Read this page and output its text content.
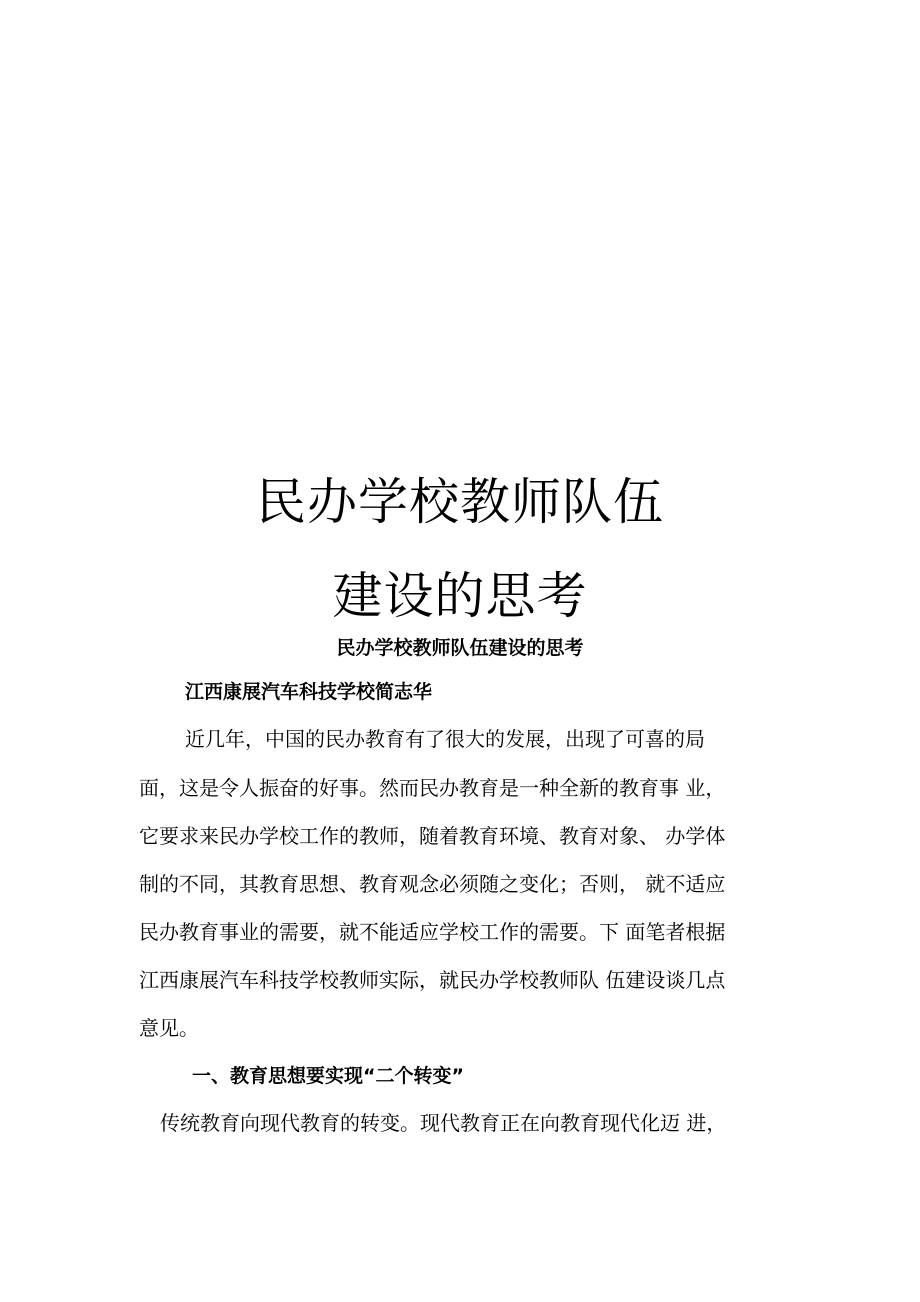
民办学校教师队伍
建设的思考
民办学校教师队伍建设的思考
江西康展汽车科技学校简志华
近几年，中国的民办教育有了很大的发展，出现了可喜的局
面，这是令人振奋的好事。然而民办教育是一种全新的教育事 业，
它要求来民办学校工作的教师，随着教育环境、教育对象、 办学体
制的不同，其教育思想、教育观念必须随之变化；否则， 就不适应
民办教育事业的需要，就不能适应学校工作的需要。下 面笔者根据
江西康展汽车科技学校教师实际，就民办学校教师队 伍建设谈几点
意见。
一、教育思想要实现“二个转变”
传统教育向现代教育的转变。现代教育正在向教育现代化迈 进，
